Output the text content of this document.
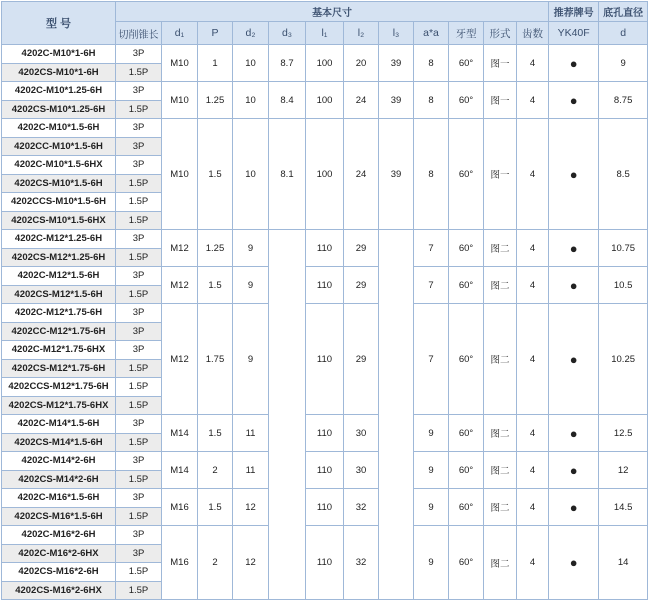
型 号	基本尺寸												推荐牌号	底孔直径
	切削锥长	d₁	P	d₂	d₃	l₁	l₂	l₃	a*a	牙型	形式	齿数	YK40F	d
4202C-M10*1-6H	3P	M10	1	10	8.7	100	20	39	8	60°	图一	4	●	9
4202CS-M10*1-6H	1.5P													
4202C-M10*1.25-6H	3P	M10	1.25	10	8.4	100	24	39	8	60°	图一	4	●	8.75
4202CS-M10*1.25-6H	1.5P													
4202C-M10*1.5-6H	3P	M10	1.5	10	8.1	100	24	39	8	60°	图一	4	●	8.5
4202CC-M10*1.5-6H	3P													
4202C-M10*1.5-6HX	3P													
4202CS-M10*1.5-6H	1.5P													
4202CCS-M10*1.5-6H	1.5P													
4202CS-M10*1.5-6HX	1.5P													
4202C-M12*1.25-6H	3P	M12	1.25	9		110	29		7	60°	图二	4	●	10.75
4202CS-M12*1.25-6H	1.5P													
4202C-M12*1.5-6H	3P	M12	1.5	9		110	29		7	60°	图二	4	●	10.5
4202CS-M12*1.5-6H	1.5P													
4202C-M12*1.75-6H	3P	M12	1.75	9		110	29		7	60°	图二	4	●	10.25
4202CC-M12*1.75-6H	3P													
4202C-M12*1.75-6HX	3P													
4202CS-M12*1.75-6H	1.5P													
4202CCS-M12*1.75-6H	1.5P													
4202CS-M12*1.75-6HX	1.5P													
4202C-M14*1.5-6H	3P	M14	1.5	11		110	30		9	60°	图二	4	●	12.5
4202CS-M14*1.5-6H	1.5P													
4202C-M14*2-6H	3P	M14	2	11		110	30		9	60°	图二	4	●	12
4202CS-M14*2-6H	1.5P													
4202C-M16*1.5-6H	3P	M16	1.5	12		110	32		9	60°	图二	4	●	14.5
4202CS-M16*1.5-6H	1.5P													
4202C-M16*2-6H	3P	M16	2	12		110	32		9	60°	图二	4	●	14
4202C-M16*2-6HX	3P													
4202CS-M16*2-6H	1.5P													
4202CS-M16*2-6HX	1.5P													
